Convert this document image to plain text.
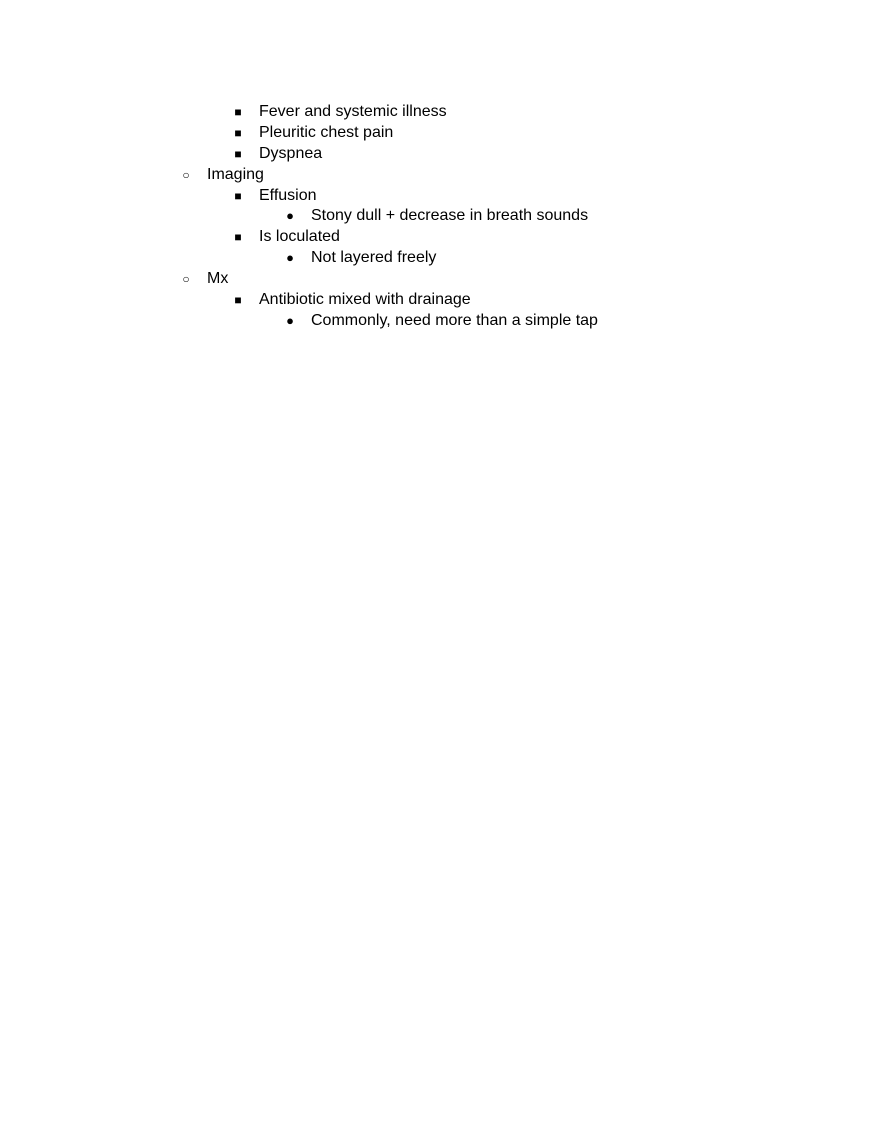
■	Fever and systemic illness
■	Pleuritic chest pain
■	Dyspnea
○	Imaging
■	Effusion
●	Stony dull + decrease in breath sounds
■	Is loculated
●	Not layered freely
○	Mx
■	Antibiotic mixed with drainage
●	Commonly, need more than a simple tap
